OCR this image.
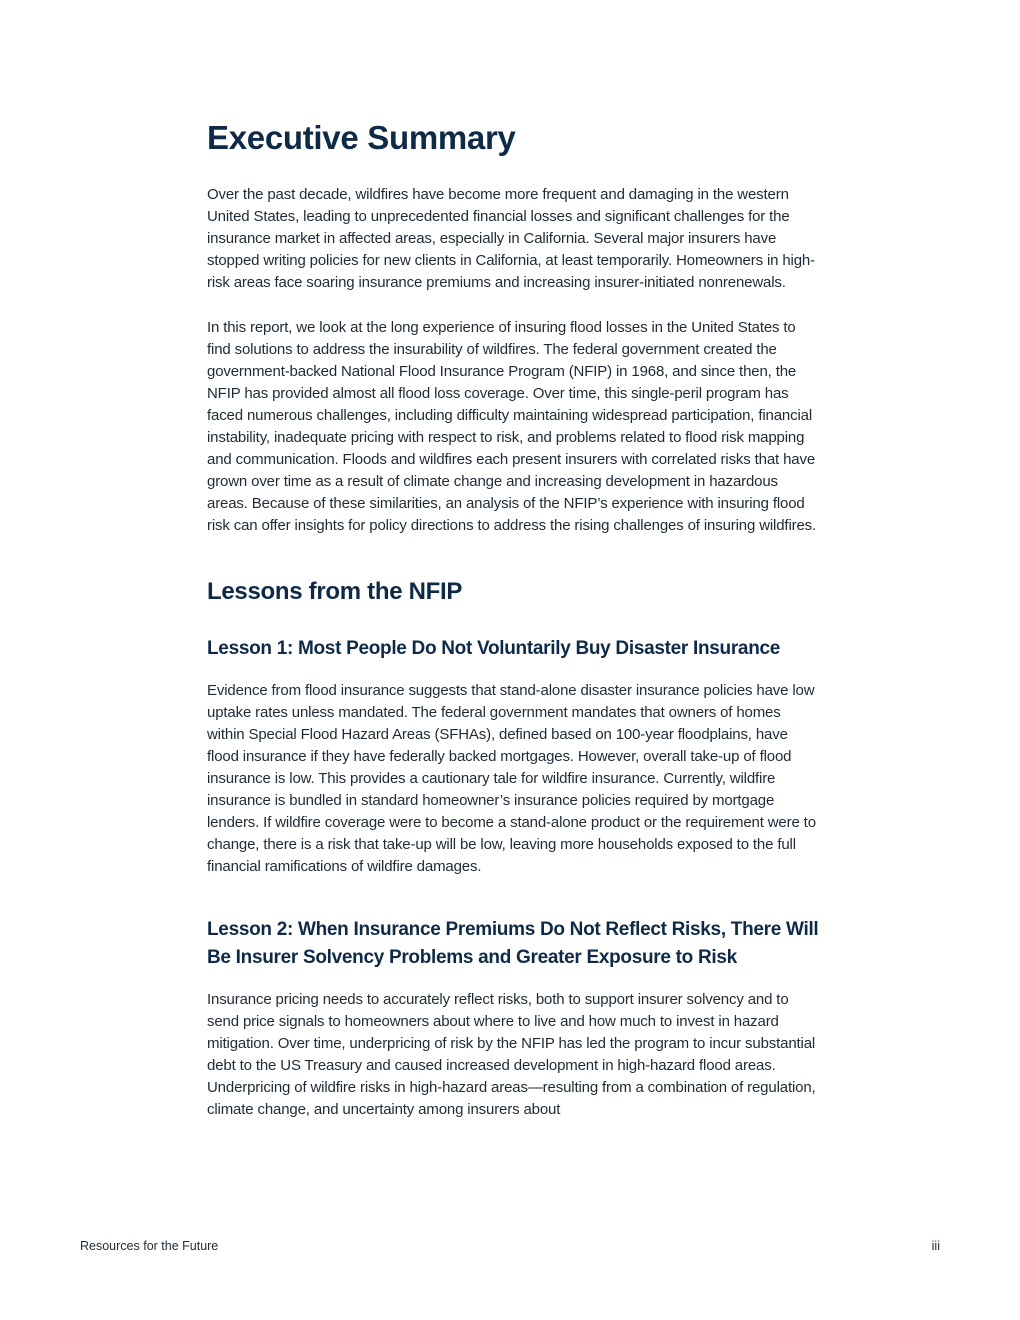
Executive Summary

Over the past decade, wildfires have become more frequent and damaging in the western United States, leading to unprecedented financial losses and significant challenges for the insurance market in affected areas, especially in California. Several major insurers have stopped writing policies for new clients in California, at least temporarily. Homeowners in high-risk areas face soaring insurance premiums and increasing insurer-initiated nonrenewals.

In this report, we look at the long experience of insuring flood losses in the United States to find solutions to address the insurability of wildfires. The federal government created the government-backed National Flood Insurance Program (NFIP) in 1968, and since then, the NFIP has provided almost all flood loss coverage. Over time, this single-peril program has faced numerous challenges, including difficulty maintaining widespread participation, financial instability, inadequate pricing with respect to risk, and problems related to flood risk mapping and communication. Floods and wildfires each present insurers with correlated risks that have grown over time as a result of climate change and increasing development in hazardous areas. Because of these similarities, an analysis of the NFIP’s experience with insuring flood risk can offer insights for policy directions to address the rising challenges of insuring wildfires.

Lessons from the NFIP
Lesson 1: Most People Do Not Voluntarily Buy Disaster Insurance

Evidence from flood insurance suggests that stand-alone disaster insurance policies have low uptake rates unless mandated. The federal government mandates that owners of homes within Special Flood Hazard Areas (SFHAs), defined based on 100-year floodplains, have flood insurance if they have federally backed mortgages. However, overall take-up of flood insurance is low. This provides a cautionary tale for wildfire insurance. Currently, wildfire insurance is bundled in standard homeowner’s insurance policies required by mortgage lenders. If wildfire coverage were to become a stand-alone product or the requirement were to change, there is a risk that take-up will be low, leaving more households exposed to the full financial ramifications of wildfire damages.

Lesson 2: When Insurance Premiums Do Not Reflect Risks, There Will Be Insurer Solvency Problems and Greater Exposure to Risk

Insurance pricing needs to accurately reflect risks, both to support insurer solvency and to send price signals to homeowners about where to live and how much to invest in hazard mitigation. Over time, underpricing of risk by the NFIP has led the program to incur substantial debt to the US Treasury and caused increased development in high-hazard flood areas. Underpricing of wildfire risks in high-hazard areas—resulting from a combination of regulation, climate change, and uncertainty among insurers about

Resources for the Future	iii
